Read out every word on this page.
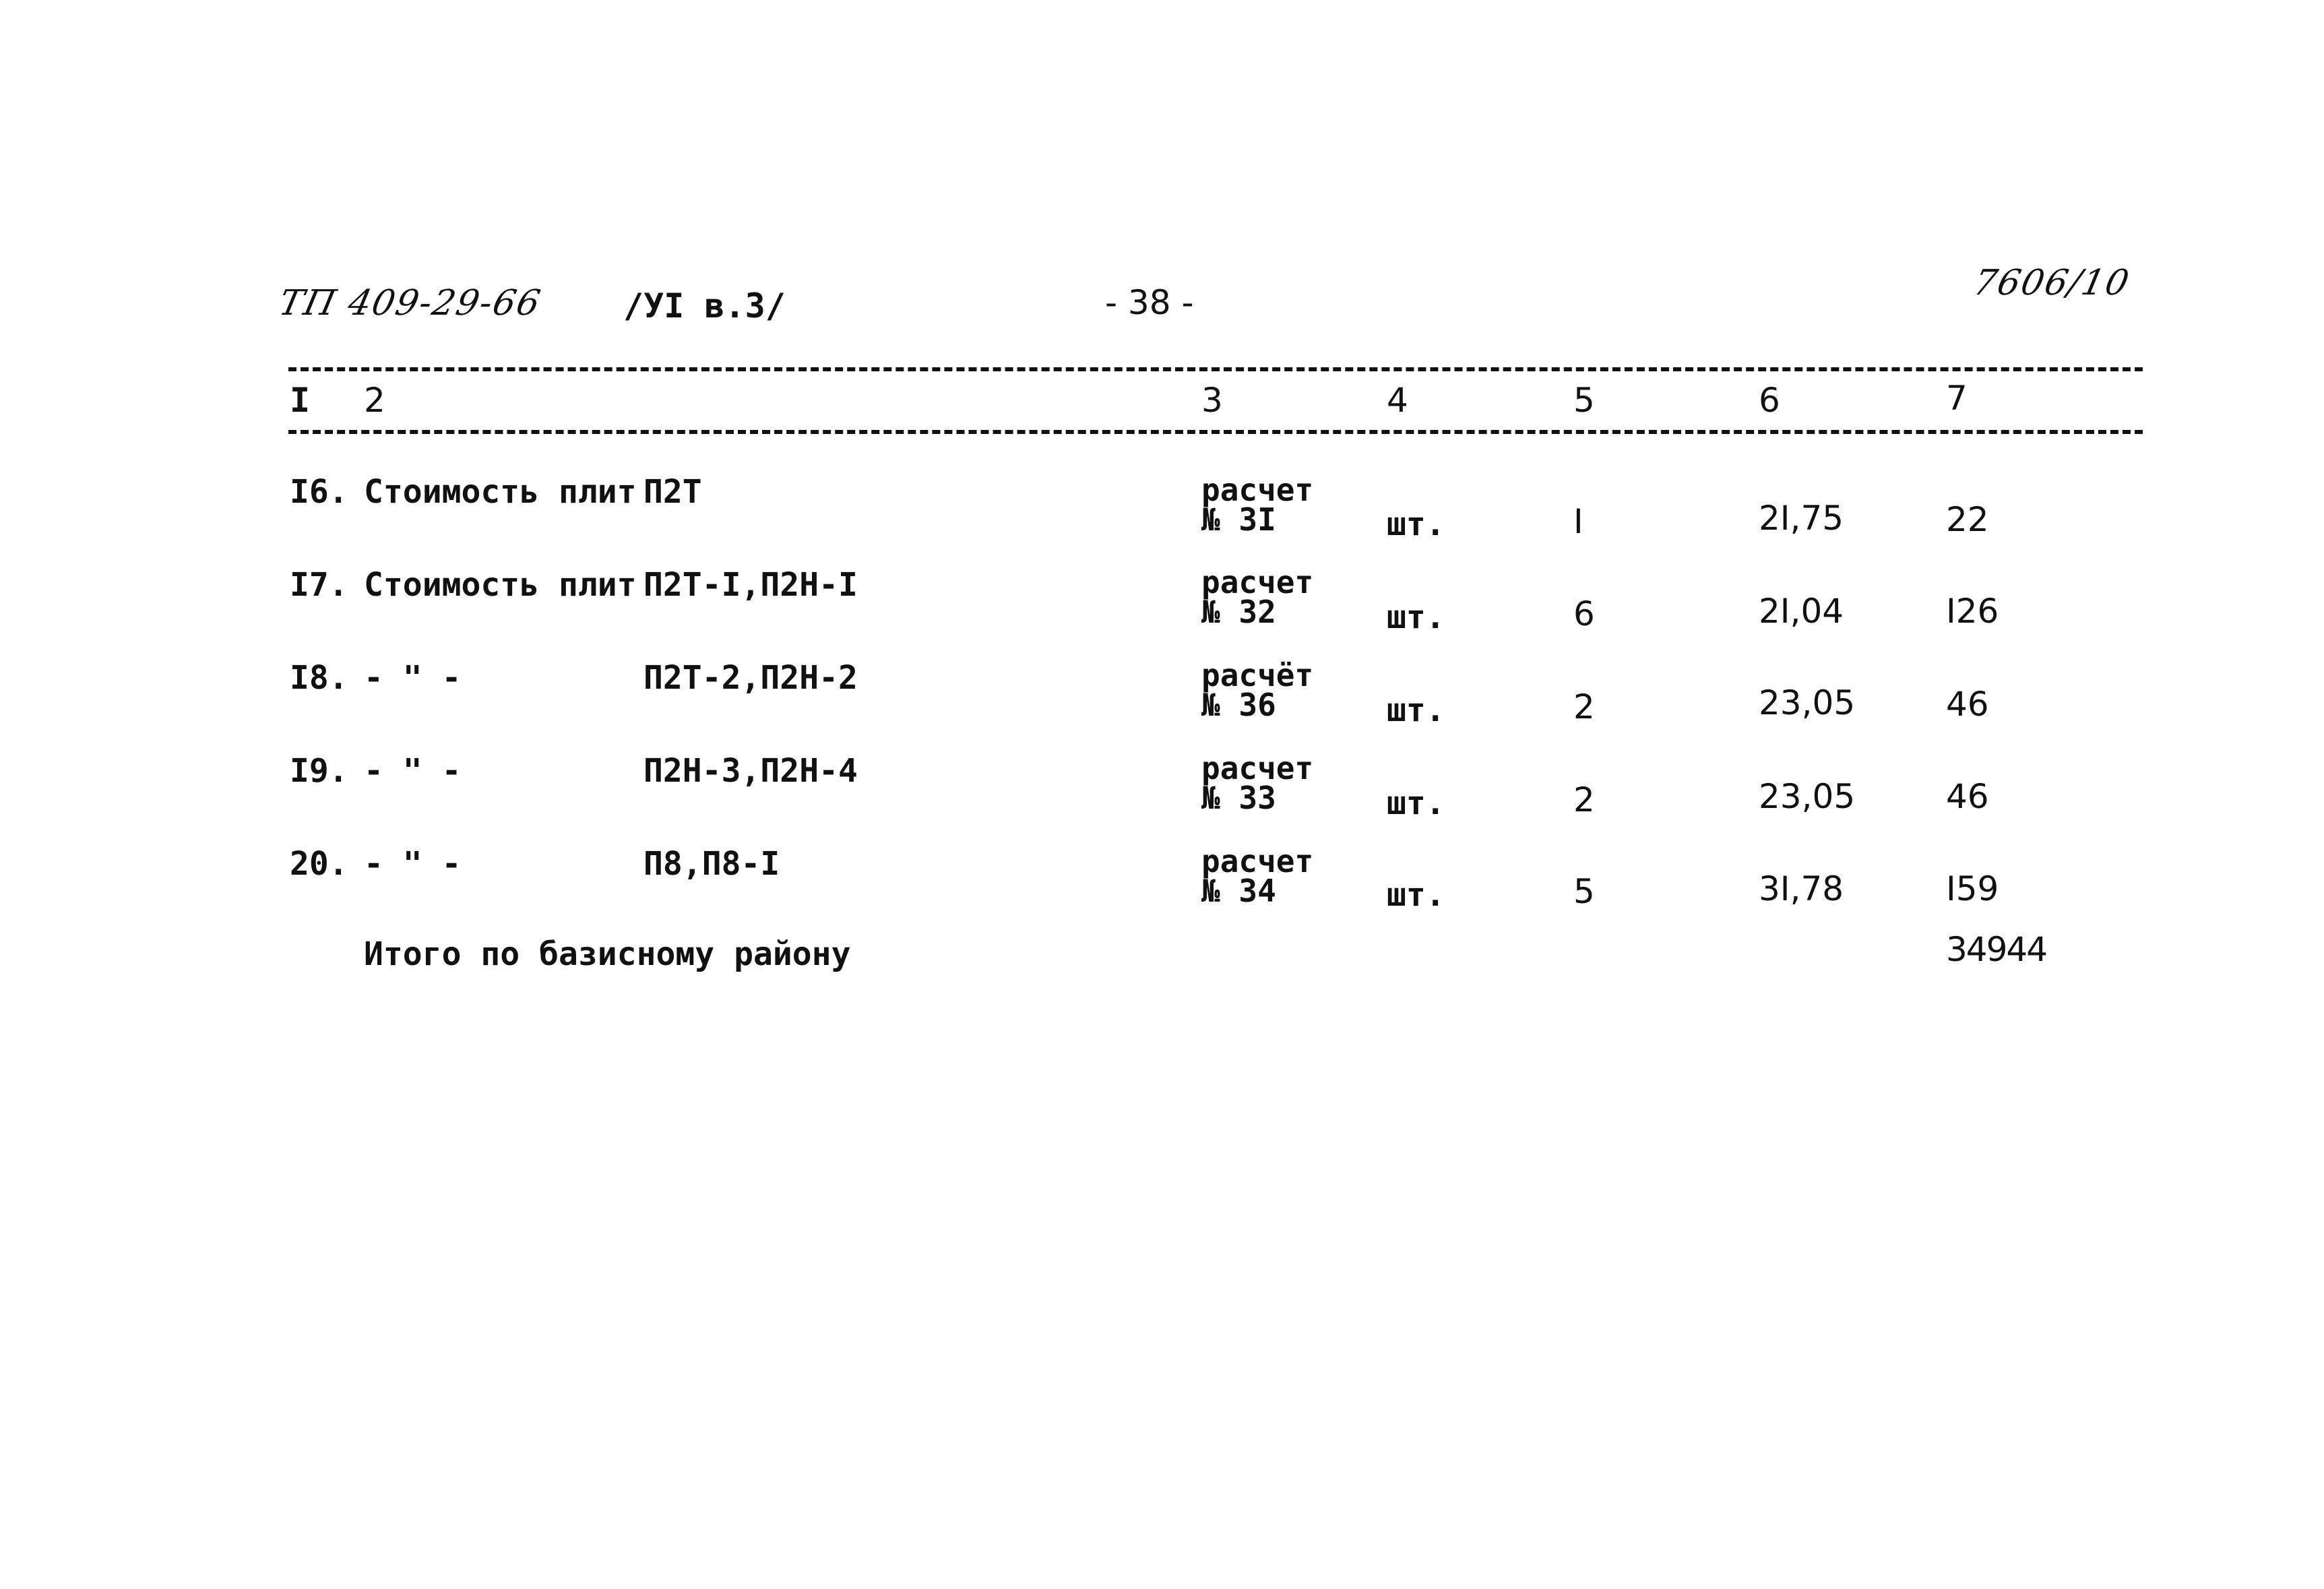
ТП 409-29-66 /УI в.3/	- 38 -	7606/10
I 2	3	4	5	6	7
I6. Стоимость плит П2Т	расчет
№ 3I	шт.	I	2I,75	22
I7. Стоимость плит П2Т-I,П2Н-I	расчет
№ 32	шт.	6	2I,04	I26
I8. - " -	П2Т-2,П2Н-2	расчёт
№ 36	шт.	2	23,05	46
I9. - " -	П2Н-3,П2Н-4	расчет
№ 33	шт.	2	23,05	46
20. - " -	П8,П8-I	расчет
№ 34	шт.	5	3I,78	I59
Итого по базисному району	34944
